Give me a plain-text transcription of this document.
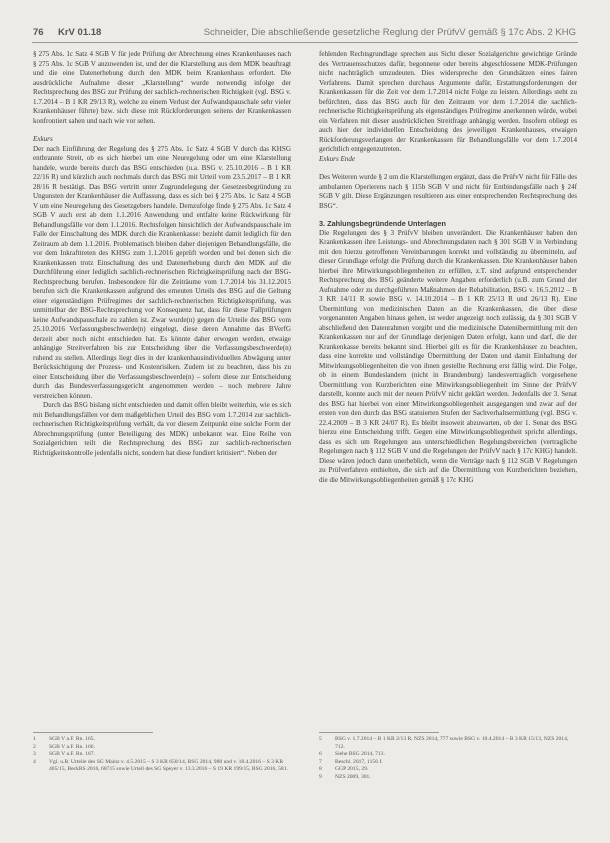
76 KrV 01.18	Schneider, Die abschließende gesetzliche Reglung der PrüfvV gemäß § 17c Abs. 2 KHG

§ 275 Abs. 1c Satz 4 SGB V für jede Prüfung der Abrechnung eines Krankenhauses nach § 275 Abs. 1c SGB V anzuwenden ist, und der die Klarstellung aus dem MDK beauftragt und die eine Datenerhebung durch den MDK beim Krankenhaus erfordert. Die ausdrückliche Aufnahme dieser „Klarstellung“ wurde notwendig infolge der Rechtsprechung des BSG zur Prüfung der sachlich-rechnerischen Richtigkeit (vgl. BSG v. 1.7.2014 – B 1 KR 29/13 R), welche zu einem Verlust der Aufwandspauschale sehr vieler Krankenhäuser führte) bzw. sich diese mit Rückforderungen seitens der Krankenkassen konfrontiert sahen und nach wie vor sehen.

Exkurs

Der nach Einführung der Regelung des § 275 Abs. 1c Satz 4 SGB V durch das KHSG entbrannte Streit, ob es sich hierbei um eine Neuregelung oder um eine Klarstellung handele, wurde bereits durch das BSG entschieden (u.a. BSG v. 25.10.2016 – B 1 KR 22/16 R) und kürzlich auch nochmals durch das BSG mit Urteil vom 23.5.2017 – B 1 KR 28/16 R bestätigt. Das BSG vertritt unter Zugrundelegung der Gesetzesbegründung zu Ungunsten der Krankenhäuser die Auffassung, dass es sich bei § 275 Abs. 1c Satz 4 SGB V um eine Neuregelung des Gesetzgebers handele. Demzufolge finde § 275 Abs. 1c Satz 4 SGB V auch erst ab dem 1.1.2016 Anwendung und entfalte keine Rückwirkung für Behandlungsfälle vor dem 1.1.2016. Rechtsfolgen hinsichtlich der Aufwandspauschale im Falle der Einschaltung des MDK durch die Krankenkasse: bezieht damit lediglich für den Zeitraum ab dem 1.1.2016. Problematisch bleiben daher diejenigen Behandlungsfälle, die vor dem Inkrafttreten des KHSG zum 1.1.2016 geprüft worden und bei denen sich die Krankenkassen trotz Einschaltung des und Datenerhebung durch den MDK auf die Durchführung einer lediglich sachlich-rechnerischen Richtigkeitsprüfung nach der BSG-Rechtsprechung berufen. Insbesondere für die Zeiträume vom 1.7.2014 bis 31.12.2015 berufen sich die Krankenkassen aufgrund des erneuten Urteils des BSG auf die Geltung einer eigenständigen Prüfregimes der sachlich-rechnerischen Richtigkeitsprüfung, was unmittelbar der BSG-Rechtsprechung vor Konsequenz hat, dass für diese Fallprüfungen keine Aufwandspauschale zu zahlen ist. Zwar wurde(n) gegen die Urteile des BSG vom 25.10.2016 Verfassungsbeschwerde(n) eingelegt, diese deren Annahme das BVerfG derzeit aber noch nicht entschieden hat. Es könnte daher erwogen werden, etwaige anhängige Streitverfahren bis zur Entscheidung über die Verfassungsbeschwerde(n) ruhend zu stellen. Allerdings liegt dies in der krankenhausindividuellen Abwägung unter Berücksichtigung der Prozess- und Kostenrisiken. Zudem ist zu beachten, dass bis zu einer Entscheidung über die Verfassungsbeschwerde(n) – sofern diese zur Entscheidung durch das Bundesverfassungsgericht angenommen werden – noch mehrere Jahre verstreichen können.

Durch das BSG bislang nicht entschieden und damit offen bleibt weiterhin, wie es sich mit Behandlungsfällen vor dem maßgeblichen Urteil des BSG vom 1.7.2014 zur sachlich-rechnerischen Richtigkeitsprüfung verhält, da vor diesem Zeitpunkt eine solche Form der Abrechnungsprüfung (unter Beteiligung des MDK) unbekannt war. Eine Reihe von Sozialgerichten teilt die Rechtsprechung des BSG zur sachlich-rechnerischen Richtigkeitskontrolle jedenfalls nicht, sondern hat diese fundiert kritisiert“. Neben der

fehlenden Rechtsgrundlage sprechen aus Sicht dieser Sozialgerichte gewichtige Gründe des Vertrauensschutzes dafür, begonnene oder bereits abgeschlossene MDK-Prüfungen nicht nachträglich umzudeuten. Dies widerspreche den Grundsätzen eines fairen Verfahrens. Damit sprechen durchaus Argumente dafür, Erstattungsforderungen der Krankenkassen für die Zeit vor dem 1.7.2014 nicht Folge zu leisten. Allerdings steht zu befürchten, dass das BSG auch für den Zeitraum vor dem 1.7.2014 die sachlich-rechnerische Richtigkeitsprüfung als eigenständiges Prüfregime anerkennen würde, wobei ein Verfahren mit dieser ausdrücklichen Streitfrage anhängig werden. Insofern obliegt es auch hier der individuellen Entscheidung des jeweiligen Krankenhauses, etwaigen Rückforderungsverlangen der Krankenkassen für Behandlungsfälle vor dem 1.7.2014 gerichtlich entgegenzutreten.

Exkurs Ende

Des Weiteren wurde § 2 um die Klarstellungen ergänzt, dass die PrüfvV nicht für Fälle des ambulanten Operierens nach § 115b SGB V und nicht für Entbindungsfälle nach § 24f SGB V gilt. Diese Ergänzungen resultieren aus einer entsprechenden Rechtsprechung des BSG“.

3. Zahlungsbegründende Unterlagen

Die Regelungen des § 3 PrüfvV bleiben unverändert. Die Krankenhäuser haben den Krankenkassen ihre Leistungs- und Abrechnungsdaten nach § 301 SGB V in Verbindung mit den hierzu getroffenen Vereinbarungen korrekt und vollständig zu übermitteln, auf dieser Grundlage erfolgt die Prüfung durch die Krankenkassen. Die Krankenhäuser haben hierbei ihre Mitwirkungsobliegenheiten zu erfüllen, z.T. sind aufgrund entsprechender Rechtsprechung des BSG geänderte weitere Angaben erforderlich (u.B. zum Grund der Aufnahme oder zu durchgeführten Maßnahmen der Rehabilitation, BSG v. 16.5.2012 – B 3 KR 14/11 R sowie BSG v. 14.10.2014 – B 1 KR 25/13 R und 26/13 R). Eine Übermittlung von medizinischen Daten an die Krankenkassen, die über diese vorgenannten Angaben hinaus gehen, ist weder angezeigt noch zulässig, da § 301 SGB V abschließend den Datenrahmen vorgibt und die medizinische Datenübermittlung mit den Krankenkassen nur auf der Grundlage derjenigen Daten erfolgt, kann und darf, die der Krankenkasse bereits bekannt sind. Hierbei gilt es für die Krankenhäuser zu beachten, dass eine korrekte und vollständige Übermittlung der Daten und damit Einhaltung der Mitwirkungsobliegenheiten die von ihnen gestellte Rechnung erst fällig wird. Die Folge, ob in einem Bundeslandern (nicht in Brandenburg) landesvertraglich vorgesehene Übermittlung von Kurzberichten eine Mitwirkungsobliegenheit im Sinne der PrüfvV darstellt, konnte auch mit der neuen PrüfvV nicht geklärt werden. Jedenfalls der 3. Senat des BSG hat hierbei von einer Mitwirkungsobliegenheit ausgegangen und zwar auf der ersten von den durch das BSG statuierten Stufen der Sachverhaltsermittlung (vgl. BSG v. 22.4.2009 – B 3 KR 24/07 R). Es bleibt insoweit abzuwarten, ob der 1. Senat des BSG hierzu eine Entscheidung trifft. Gegen eine Mitwirkungsobliegenheit spricht allerdings, dass es sich um Regelungen aus unterschiedlichen Regelungsbereichen (vertragliche Regelungen nach § 112 SGB V und die Regelungen der PrüfvV nach § 17c KHG) handelt. Diese wären jedoch dann unerheblich, wenn die Verträge nach § 112 SGB V Regelungen zu Prüfverfahren enthielten, die sich auf die Übermittlung von Kurzberichten beziehen, die die Mitwirkungsobliegenheiten gemäß § 17c KHG

1	SGB V a.F. Rn. 165.
2	SGB V a.F. Rn. 166.
3	SGB V a.F. Rn. 167.
4	Vgl. u.B. Urteile des SG Mainz v. 4.5.2015 – S 3 KR 650/14, BSG 2014, 988 und v. 18.4.2016 – S 3 KR 405/15, BeckRS 2016, 68715 sowie Urteil des SG Speyer v. 13.3.2016 – S 19 KR 199/15, BSG 2016, 581.
5	BSG v. 1.7.2014 – B 1 KR 2/13 R, NZS 2014, 777 sowie BSG v. 10.4.2014 – B 3 KR 15/13, NZS 2014, 712.
6	Siehe BSG 2014, 713.
7	Beschl. 2017, 1156 f.
8	GGP 2015, 29.
9	NZS 2009, 301.
